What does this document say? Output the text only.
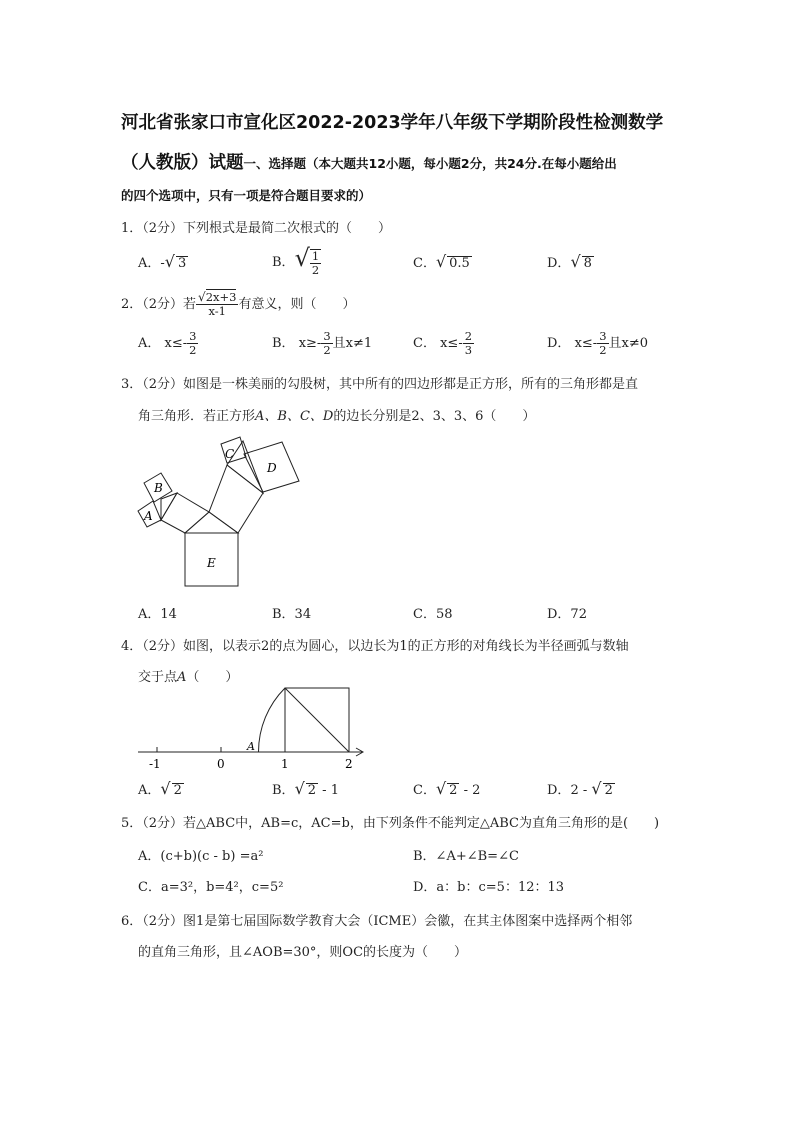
河北省张家口市宣化区2022-2023学年八年级下学期阶段性检测数学
（人教版）试题一、选择题（本大题共12小题，每小题2分，共24分.在每小题给出
的四个选项中，只有一项是符合题目要求的）
1．（2分）下列根式是最简二次根式的（　　）
A．-√ 3	B．√ $\frac{1}{2}$	C．√ 0.5	D．√ 8
2．（2分）若 $\frac{√2x+3}{x-1}$ 有意义，则（　　）
A． $x\le- \frac{3}{2}$	B． $x\ge- \frac{3}{2}$ 且x≠1	C． $x\le- \frac{2}{3}$	D． $x\le- \frac{3}{2}$ 且x≠0
3．（2分）如图是一株美丽的勾股树，其中所有的四边形都是正方形，所有的三角形都是直
角三角形．若正方形A、B、C、D的边长分别是2、3、3、6（　　）
B
A
C
D
E
A．14	B．34	C．58	D．72
4．（2分）如图，以表示2的点为圆心，以边长为1的正方形的对角线长为半径画弧与数轴
交于点A（　　）
A
-1	0	1	2
A．√ 2	B．√ 2 - 1	C．√ 2 - 2	D．2 - √ 2
5．（2分）若△ABC中，AB=c，AC=b，由下列条件不能判定△ABC为直角三角形的是(　　)
A．(c+b)(c - b) =a²	B．∠A+∠B=∠C
C．a=3²，b=4²，c=5²	D．a：b：c=5：12：13
6．（2分）图1是第七届国际数学教育大会（ICME）会徽，在其主体图案中选择两个相邻
的直角三角形，且∠AOB=30°，则OC的长度为（　　）
